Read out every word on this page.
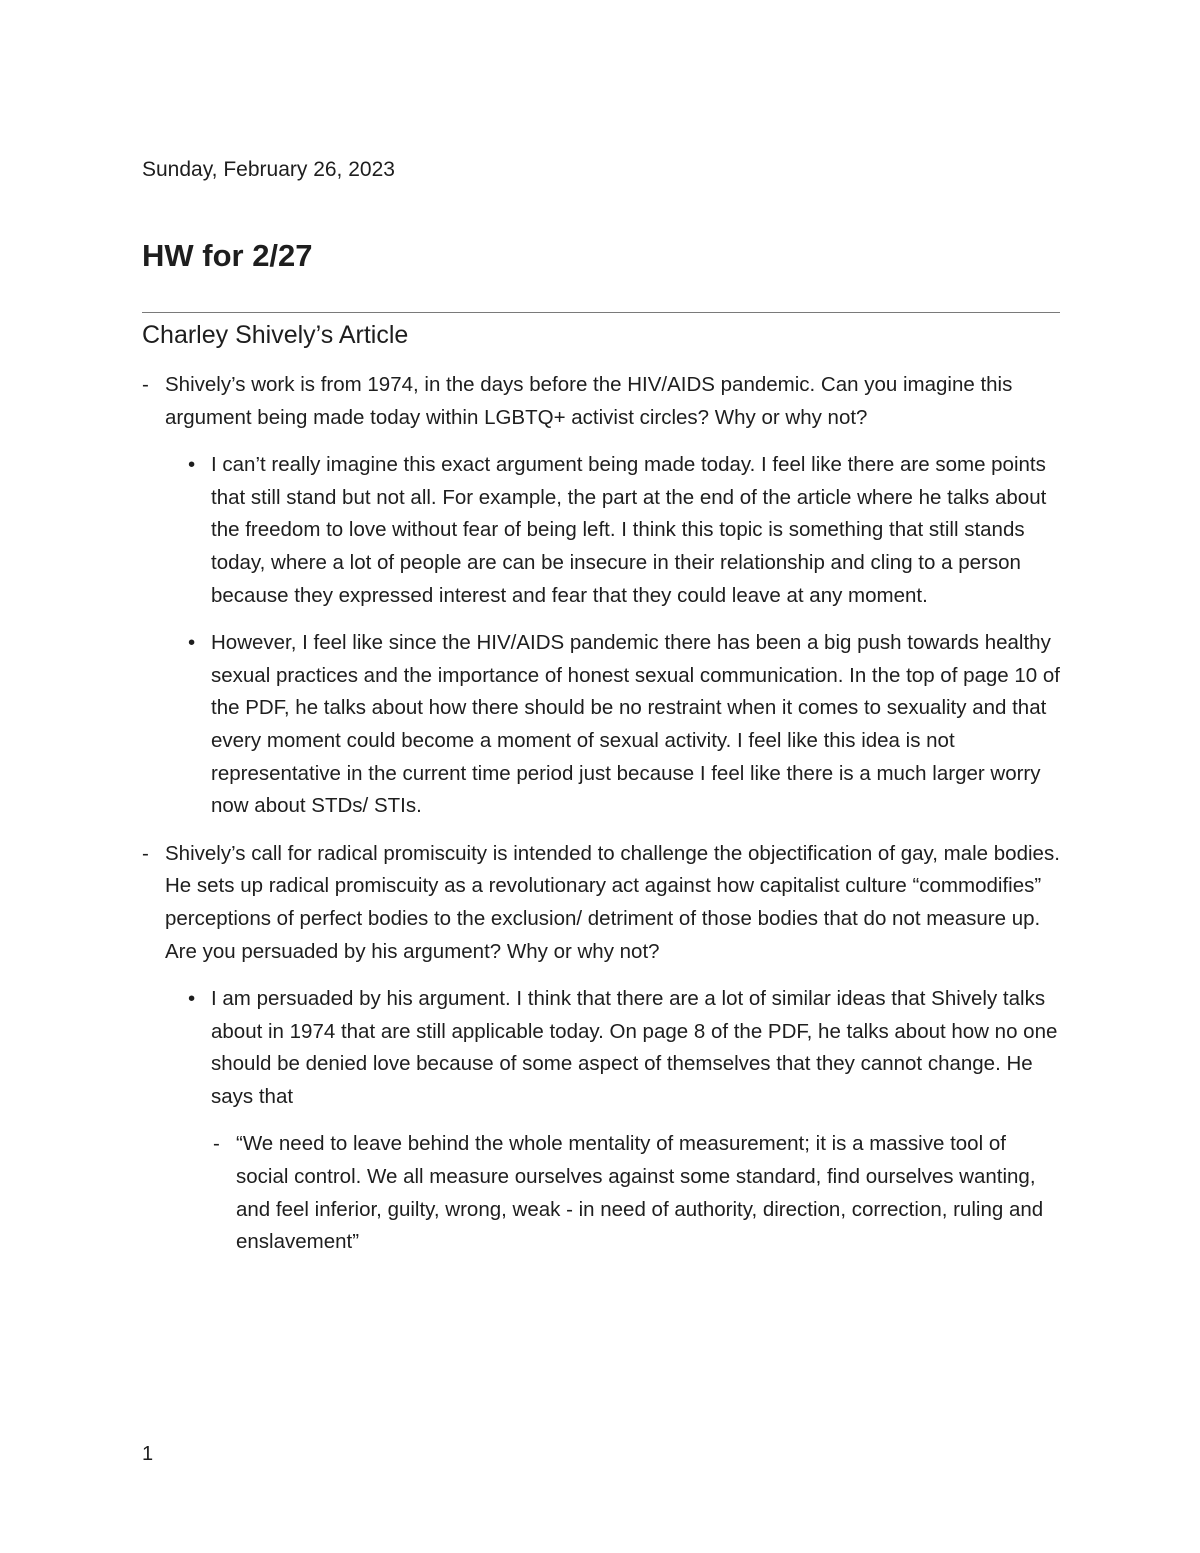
Sunday, February 26, 2023
HW for 2/27
Charley Shively’s Article
- Shively’s work is from 1974, in the days before the HIV/AIDS pandemic. Can you imagine this argument being made today within LGBTQ+ activist circles? Why or why not?
• I can’t really imagine this exact argument being made today. I feel like there are some points that still stand but not all. For example, the part at the end of the article where he talks about the freedom to love without fear of being left. I think this topic is something that still stands today, where a lot of people are can be insecure in their relationship and cling to a person because they expressed interest and fear that they could leave at any moment.
• However, I feel like since the HIV/AIDS pandemic there has been a big push towards healthy sexual practices and the importance of honest sexual communication. In the top of page 10 of the PDF, he talks about how there should be no restraint when it comes to sexuality and that every moment could become a moment of sexual activity. I feel like this idea is not representative in the current time period just because I feel like there is a much larger worry now about STDs/ STIs.
- Shively’s call for radical promiscuity is intended to challenge the objectification of gay, male bodies. He sets up radical promiscuity as a revolutionary act against how capitalist culture “commodifies” perceptions of perfect bodies to the exclusion/ detriment of those bodies that do not measure up. Are you persuaded by his argument? Why or why not?
• I am persuaded by his argument. I think that there are a lot of similar ideas that Shively talks about in 1974 that are still applicable today. On page 8 of the PDF, he talks about how no one should be denied love because of some aspect of themselves that they cannot change. He says that
- “We need to leave behind the whole mentality of measurement; it is a massive tool of social control. We all measure ourselves against some standard, find ourselves wanting, and feel inferior, guilty, wrong, weak - in need of authority, direction, correction, ruling and enslavement”
1
